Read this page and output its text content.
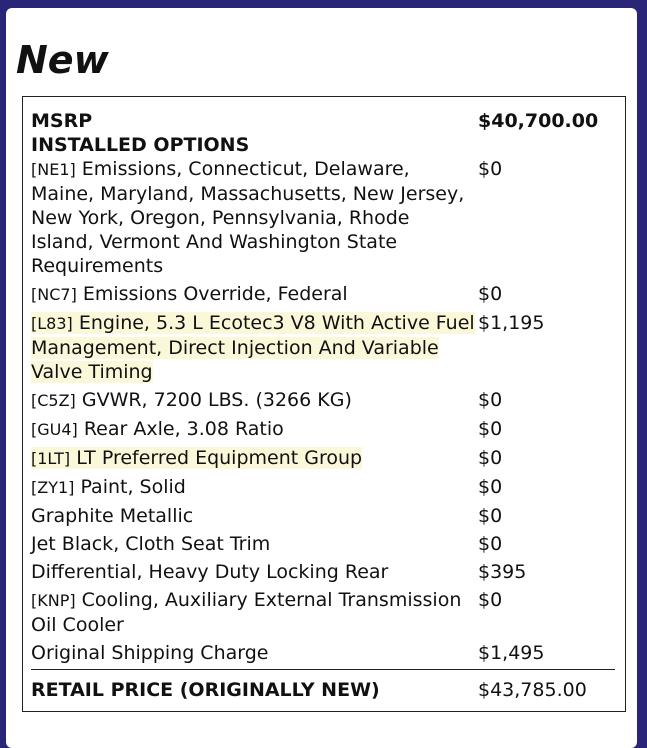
New
MSRP	$40,700.00
INSTALLED OPTIONS	
[NE1] Emissions, Connecticut, Delaware, Maine, Maryland, Massachusetts, New Jersey, New York, Oregon, Pennsylvania, Rhode Island, Vermont And Washington State Requirements	$0
[NC7] Emissions Override, Federal	$0
[L83] Engine, 5.3 L Ecotec3 V8 With Active Fuel Management, Direct Injection And Variable Valve Timing	$1,195
[C5Z] GVWR, 7200 LBS. (3266 KG)	$0
[GU4] Rear Axle, 3.08 Ratio	$0
[1LT] LT Preferred Equipment Group	$0
[ZY1] Paint, Solid	$0
Graphite Metallic	$0
Jet Black, Cloth Seat Trim	$0
Differential, Heavy Duty Locking Rear	$395
[KNP] Cooling, Auxiliary External Transmission Oil Cooler	$0
Original Shipping Charge	$1,495
RETAIL PRICE (ORIGINALLY NEW)	$43,785.00
